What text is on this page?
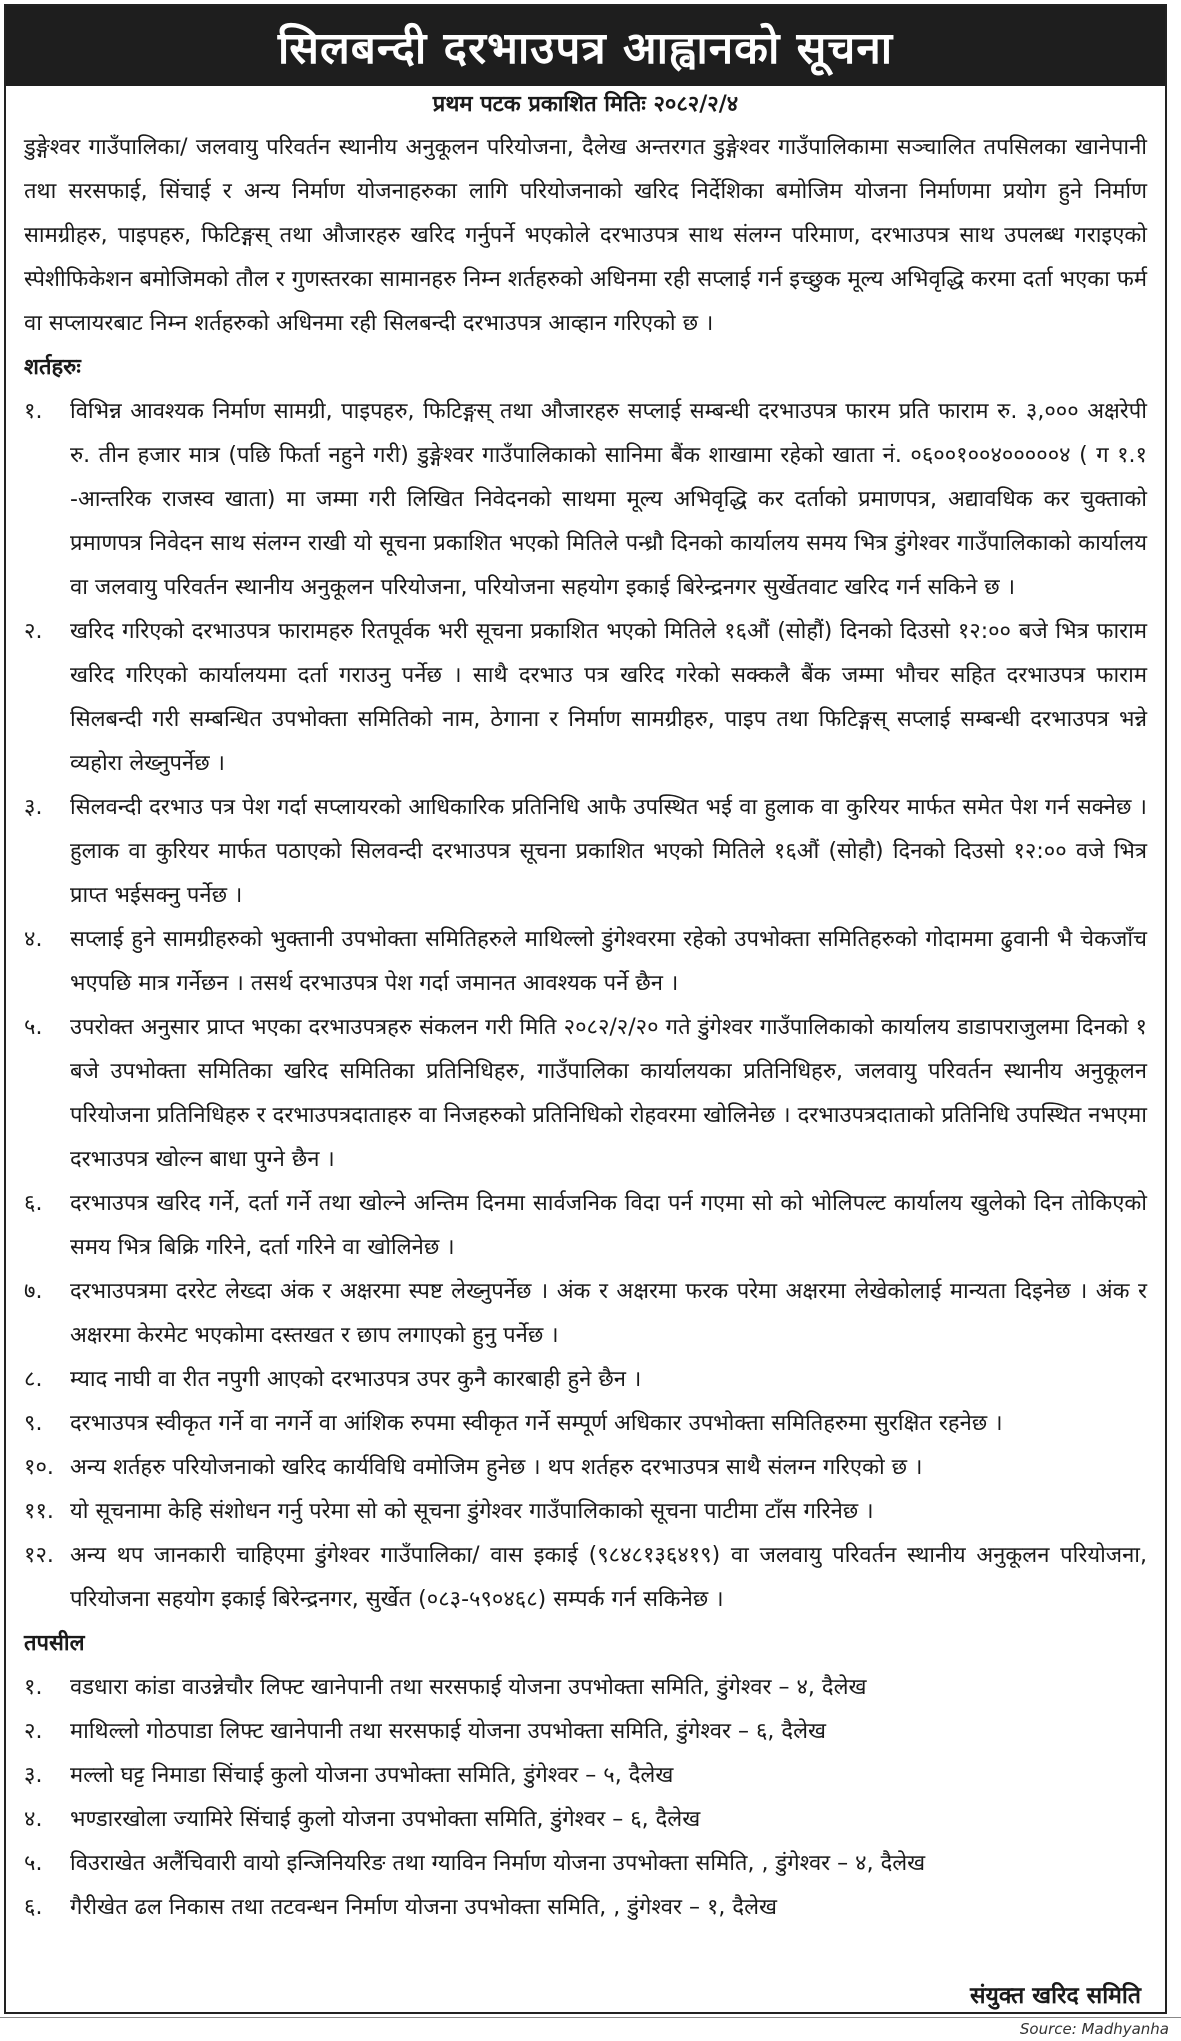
सिलबन्दी दरभाउपत्र आह्वानको सूचना
प्रथम पटक प्रकाशित मितिः २०८२/२/४

डुङ्गेश्वर गाउँपालिका/ जलवायु परिवर्तन स्थानीय अनुकूलन परियोजना, दैलेख अन्तरगत डुङ्गेश्वर गाउँपालिकामा सञ्चालित तपसिलका खानेपानी तथा सरसफाई, सिंचाई र अन्य निर्माण योजनाहरुका लागि परियोजनाको खरिद निर्देशिका बमोजिम योजना निर्माणमा प्रयोग हुने निर्माण सामग्रीहरु, पाइपहरु, फिटिङ्गस् तथा औजारहरु खरिद गर्नुपर्ने भएकोले दरभाउपत्र साथ संलग्न परिमाण, दरभाउपत्र साथ उपलब्ध गराइएको स्पेशीफिकेशन बमोजिमको तौल र गुणस्तरका सामानहरु निम्न शर्तहरुको अधिनमा रही सप्लाई गर्न इच्छुक मूल्य अभिवृद्धि करमा दर्ता भएका फर्म वा सप्लायरबाट निम्न शर्तहरुको अधिनमा रही सिलबन्दी दरभाउपत्र आव्हान गरिएको छ ।

शर्तहरुः

१.	विभिन्न आवश्यक निर्माण सामग्री, पाइपहरु, फिटिङ्गस् तथा औजारहरु सप्लाई सम्बन्धी दरभाउपत्र फारम प्रति फाराम रु. ३,००० अक्षरेपी रु. तीन हजार मात्र (पछि फिर्ता नहुने गरी) डुङ्गेश्वर गाउँपालिकाको सानिमा बैंक शाखामा रहेको खाता नं. ०६००१००४०००००४ ( ग १.१ -आन्तरिक राजस्व खाता) मा जम्मा गरी लिखित निवेदनको साथमा मूल्य अभिवृद्धि कर दर्ताको प्रमाणपत्र, अद्यावधिक कर चुक्ताको प्रमाणपत्र निवेदन साथ संलग्न राखी यो सूचना प्रकाशित भएको मितिले पन्ध्रौ दिनको कार्यालय समय भित्र डुंगेश्वर गाउँपालिकाको कार्यालय वा जलवायु परिवर्तन स्थानीय अनुकूलन परियोजना, परियोजना सहयोग इकाई बिरेन्द्रनगर सुर्खेतवाट खरिद गर्न सकिने छ ।
२.	खरिद गरिएको दरभाउपत्र फारामहरु रितपूर्वक भरी सूचना प्रकाशित भएको मितिले १६औं (सोहौं) दिनको दिउसो १२:०० बजे भित्र फाराम खरिद गरिएको कार्यालयमा दर्ता गराउनु पर्नेछ । साथै दरभाउ पत्र खरिद गरेको सक्कलै बैंक जम्मा भौचर सहित दरभाउपत्र फाराम सिलबन्दी गरी सम्बन्धित उपभोक्ता समितिको नाम, ठेगाना र निर्माण सामग्रीहरु, पाइप तथा फिटिङ्गस् सप्लाई सम्बन्धी दरभाउपत्र भन्ने व्यहोरा लेख्नुपर्नेछ ।
३.	सिलवन्दी दरभाउ पत्र पेश गर्दा सप्लायरको आधिकारिक प्रतिनिधि आफै उपस्थित भई वा हुलाक वा कुरियर मार्फत समेत पेश गर्न सक्नेछ । हुलाक वा कुरियर मार्फत पठाएको सिलवन्दी दरभाउपत्र सूचना प्रकाशित भएको मितिले १६औं (सोहौ) दिनको दिउसो १२:०० वजे भित्र प्राप्त भईसक्नु पर्नेछ ।
४.	सप्लाई हुने सामग्रीहरुको भुक्तानी उपभोक्ता समितिहरुले माथिल्लो डुंगेश्वरमा रहेको उपभोक्ता समितिहरुको गोदाममा ढुवानी भै चेकजाँच भएपछि मात्र गर्नेछन । तसर्थ दरभाउपत्र पेश गर्दा जमानत आवश्यक पर्ने छैन ।
५.	उपरोक्त अनुसार प्राप्त भएका दरभाउपत्रहरु संकलन गरी मिति २०८२/२/२० गते डुंगेश्वर गाउँपालिकाको कार्यालय डाडापराजुलमा दिनको १ बजे उपभोक्ता समितिका खरिद समितिका प्रतिनिधिहरु, गाउँपालिका कार्यालयका प्रतिनिधिहरु, जलवायु परिवर्तन स्थानीय अनुकूलन परियोजना प्रतिनिधिहरु र दरभाउपत्रदाताहरु वा निजहरुको प्रतिनिधिको रोहवरमा खोलिनेछ । दरभाउपत्रदाताको प्रतिनिधि उपस्थित नभएमा दरभाउपत्र खोल्न बाधा पुग्ने छैन ।
६.	दरभाउपत्र खरिद गर्ने, दर्ता गर्ने तथा खोल्ने अन्तिम दिनमा सार्वजनिक विदा पर्न गएमा सो को भोलिपल्ट कार्यालय खुलेको दिन तोकिएको समय भित्र बिक्रि गरिने, दर्ता गरिने वा खोलिनेछ ।
७.	दरभाउपत्रमा दररेट लेख्दा अंक र अक्षरमा स्पष्ट लेख्नुपर्नेछ । अंक र अक्षरमा फरक परेमा अक्षरमा लेखेकोलाई मान्यता दिइनेछ । अंक र अक्षरमा केरमेट भएकोमा दस्तखत र छाप लगाएको हुनु पर्नेछ ।
८.	म्याद नाघी वा रीत नपुगी आएको दरभाउपत्र उपर कुनै कारबाही हुने छैन ।
९.	दरभाउपत्र स्वीकृत गर्ने वा नगर्ने वा आंशिक रुपमा स्वीकृत गर्ने सम्पूर्ण अधिकार उपभोक्ता समितिहरुमा सुरक्षित रहनेछ ।
१०. अन्य शर्तहरु परियोजनाको खरिद कार्यविधि वमोजिम हुनेछ । थप शर्तहरु दरभाउपत्र साथै संलग्न गरिएको छ ।
११. यो सूचनामा केहि संशोधन गर्नु परेमा सो को सूचना डुंगेश्वर गाउँपालिकाको सूचना पाटीमा टाँस गरिनेछ ।
१२. अन्य थप जानकारी चाहिएमा डुंगेश्वर गाउँपालिका/ वास इकाई (९८४८१३६४१९) वा जलवायु परिवर्तन स्थानीय अनुकूलन परियोजना, परियोजना सहयोग इकाई बिरेन्द्रनगर, सुर्खेत (०८३-५९०४६८) सम्पर्क गर्न सकिनेछ ।

तपसील

१.	वडधारा कांडा वाउन्नेचौर लिफ्ट खानेपानी तथा सरसफाई योजना उपभोक्ता समिति, डुंगेश्वर – ४, दैलेख
२.	माथिल्लो गोठपाडा लिफ्ट खानेपानी तथा सरसफाई योजना उपभोक्ता समिति, डुंगेश्वर – ६, दैलेख
३.	मल्लो घट्ट निमाडा सिंचाई कुलो योजना उपभोक्ता समिति, डुंगेश्वर – ५, दैलेख
४.	भण्डारखोला ज्यामिरे सिंचाई कुलो योजना उपभोक्ता समिति, डुंगेश्वर – ६, दैलेख
५.	विउराखेत अलैंचिवारी वायो इन्जिनियरिङ तथा ग्याविन निर्माण योजना उपभोक्ता समिति, , डुंगेश्वर – ४, दैलेख
६.	गैरीखेत ढल निकास तथा तटवन्धन निर्माण योजना उपभोक्ता समिति, , डुंगेश्वर – १, दैलेख
संयुक्त खरिद समिति
Source: Madhyanha
